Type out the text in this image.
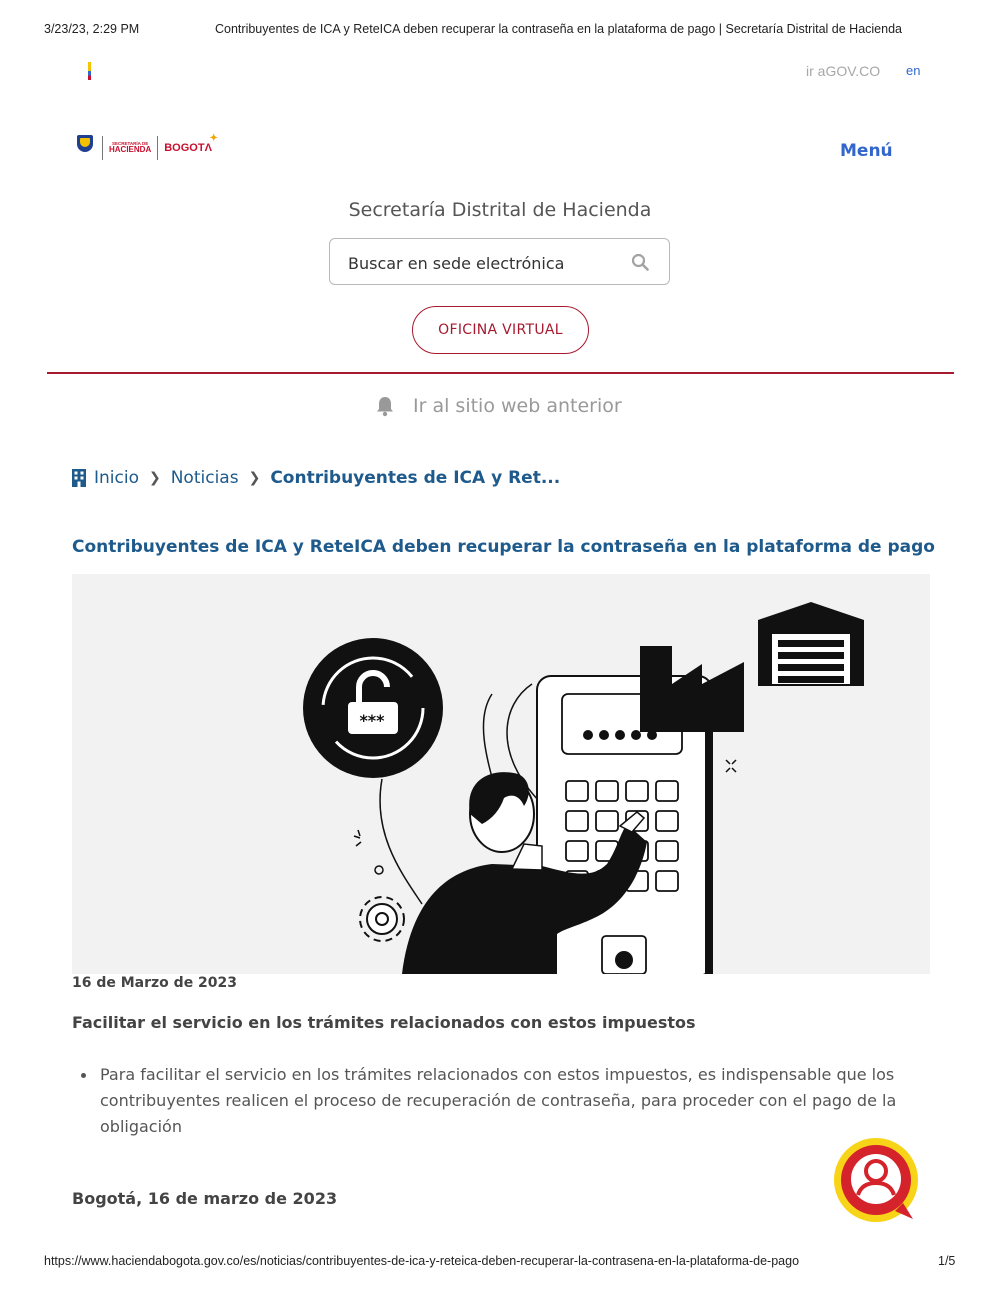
3/23/23, 2:29 PM	Contribuyentes de ICA y ReteICA deben recuperar la contraseña en la plataforma de pago | Secretaría Distrital de Hacienda
ir aGOV.CO en
SECRETARÍA DE
HACIENDA BOGOTΛ
✦
Menú
Secretaría Distrital de Hacienda
Buscar en sede electrónica
OFICINA VIRTUAL
Ir al sitio web anterior
Inicio ❯ Noticias ❯ Contribuyentes de ICA y Ret...
Contribuyentes de ICA y ReteICA deben recuperar la contraseña en la plataforma de pago
***
16 de Marzo de 2023
Facilitar el servicio en los trámites relacionados con estos impuestos
Para facilitar el servicio en los trámites relacionados con estos impuestos, es indispensable que los contribuyentes realicen el proceso de recuperación de contraseña, para proceder con el pago de la obligación
Bogotá, 16 de marzo de 2023
https://www.haciendabogota.gov.co/es/noticias/contribuyentes-de-ica-y-reteica-deben-recuperar-la-contrasena-en-la-plataforma-de-pago	1/5
